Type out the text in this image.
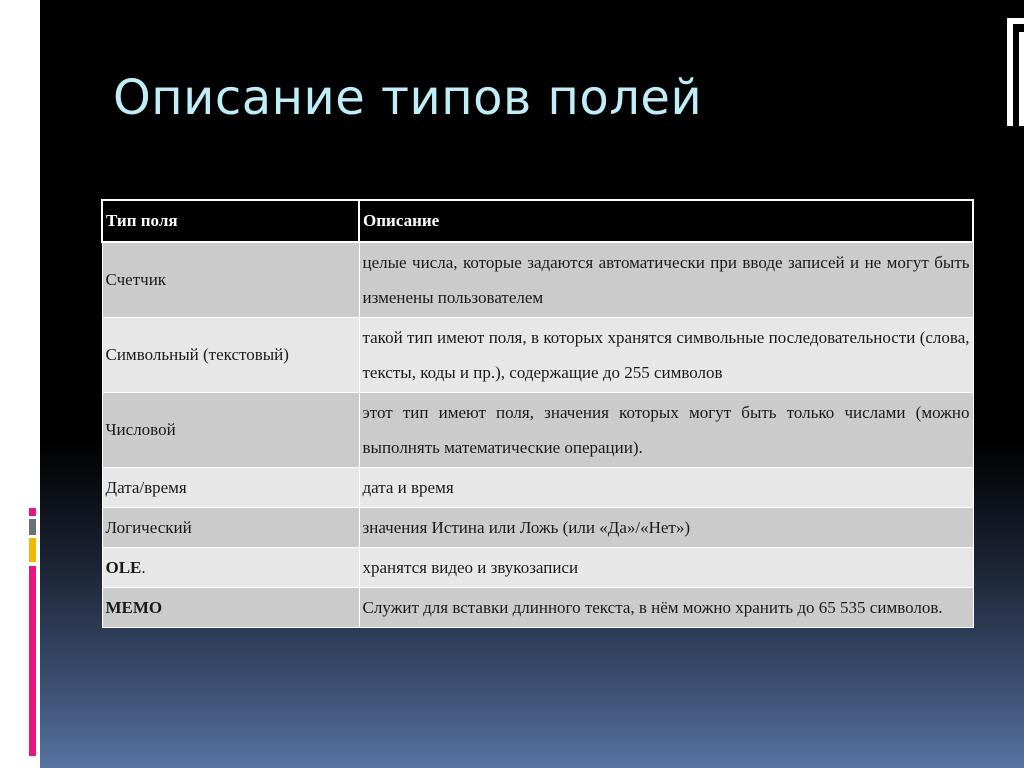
Описание типов полей
Тип поля	Описание
Счетчик	целые числа, которые задаются автоматически при вводе записей и не могут быть изменены пользователем
Символьный (текстовый)	такой тип имеют поля, в которых хранятся символьные последовательности (слова, тексты, коды и пр.), содержащие до 255 символов
Числовой	этот тип имеют поля, значения которых могут быть только числами (можно выполнять математические операции).
Дата/время	дата и время
Логический	значения Истина или Ложь (или «Да»/«Нет»)
OLE.	хранятся видео и звукозаписи
MEMO	Служит для вставки длинного текста, в нём можно хранить до 65 535 символов.
